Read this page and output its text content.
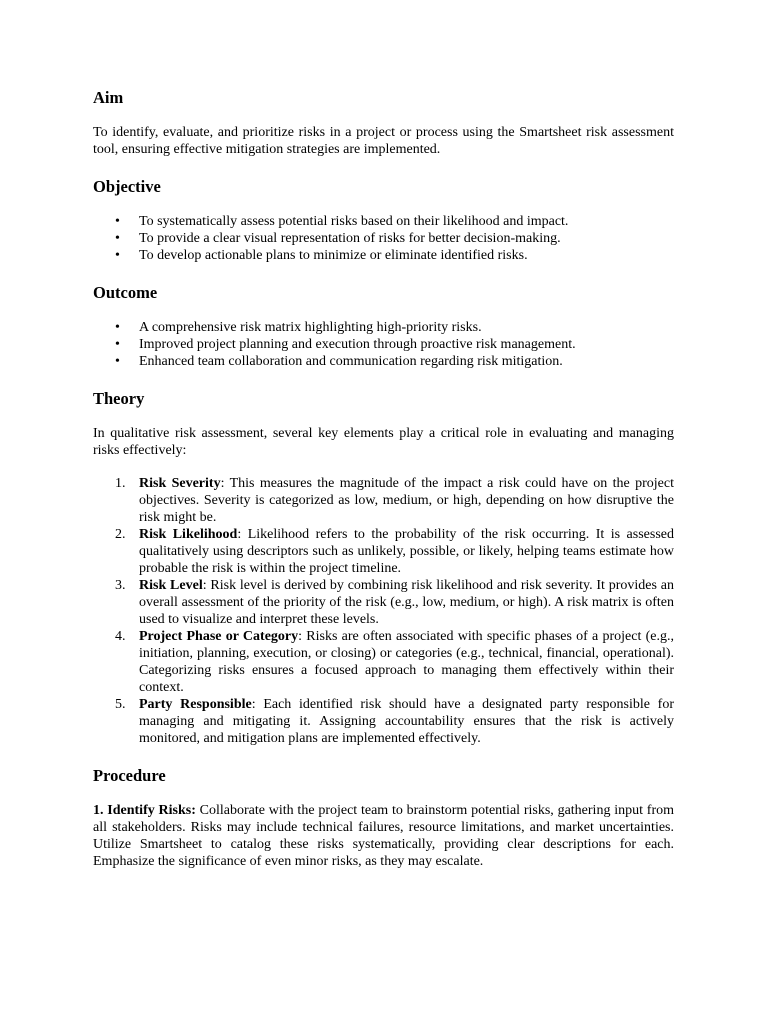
Aim

To identify, evaluate, and prioritize risks in a project or process using the Smartsheet risk assessment tool, ensuring effective mitigation strategies are implemented.

Objective
• To systematically assess potential risks based on their likelihood and impact.
• To provide a clear visual representation of risks for better decision-making.
• To develop actionable plans to minimize or eliminate identified risks.
Outcome
• A comprehensive risk matrix highlighting high-priority risks.
• Improved project planning and execution through proactive risk management.
• Enhanced team collaboration and communication regarding risk mitigation.
Theory

In qualitative risk assessment, several key elements play a critical role in evaluating and managing risks effectively:

1. Risk Severity: This measures the magnitude of the impact a risk could have on the project objectives. Severity is categorized as low, medium, or high, depending on how disruptive the risk might be.
2. Risk Likelihood: Likelihood refers to the probability of the risk occurring. It is assessed qualitatively using descriptors such as unlikely, possible, or likely, helping teams estimate how probable the risk is within the project timeline.
3. Risk Level: Risk level is derived by combining risk likelihood and risk severity. It provides an overall assessment of the priority of the risk (e.g., low, medium, or high). A risk matrix is often used to visualize and interpret these levels.
4. Project Phase or Category: Risks are often associated with specific phases of a project (e.g., initiation, planning, execution, or closing) or categories (e.g., technical, financial, operational). Categorizing risks ensures a focused approach to managing them effectively within their context.
5. Party Responsible: Each identified risk should have a designated party responsible for managing and mitigating it. Assigning accountability ensures that the risk is actively monitored, and mitigation plans are implemented effectively.
Procedure

1. Identify Risks: Collaborate with the project team to brainstorm potential risks, gathering input from all stakeholders. Risks may include technical failures, resource limitations, and market uncertainties. Utilize Smartsheet to catalog these risks systematically, providing clear descriptions for each. Emphasize the significance of even minor risks, as they may escalate.
